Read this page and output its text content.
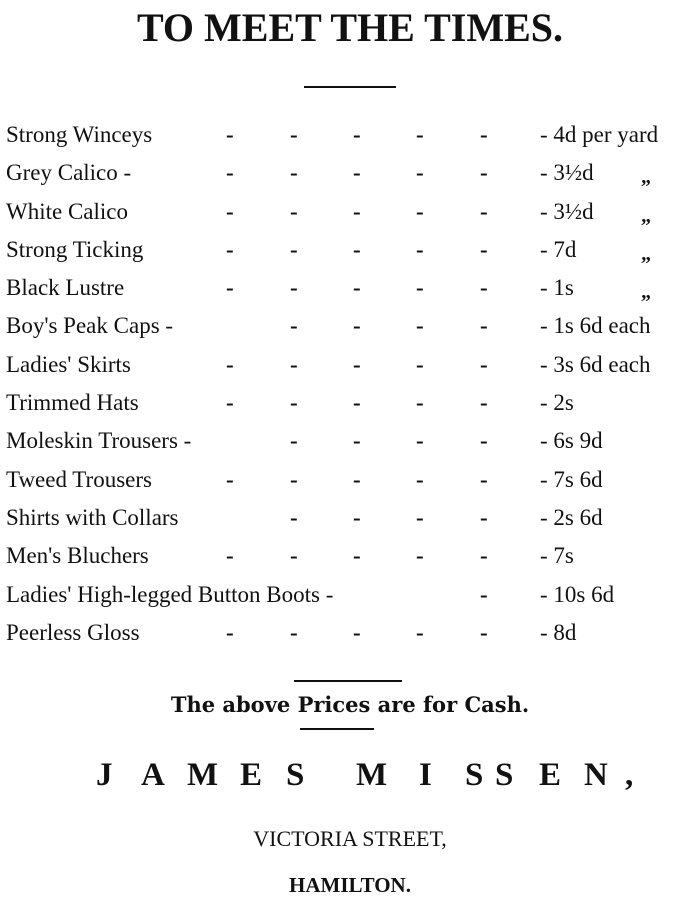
TO MEET THE TIMES.
- - - - -
Strong Winceys	- 4d per yard
- - - - -
Grey Calico -	- 3½d „
- - - - -
White Calico	- 3½d „
- - - - -
Strong Ticking	- 7d	„
- - - - -
Black Lustre	- 1s	„
- - - -
Boy's Peak Caps -	- 1s 6d each
- - - - -
Ladies' Skirts	- 3s 6d each
- - - - -
Trimmed Hats	- 2s
- - - -
Moleskin Trousers -	- 6s 9d
- - - - -
Tweed Trousers	- 7s 6d
- - - -
Shirts with Collars	- 2s 6d
- - - - -
Men's Bluchers	- 7s
-
Ladies' High-legged Button Boots -	- 10s 6d
- - - - -
Peerless Gloss	- 8d
The above Prices are for Cash.
J A M E S M I S S E N ,
VICTORIA STREET,
HAMILTON.
